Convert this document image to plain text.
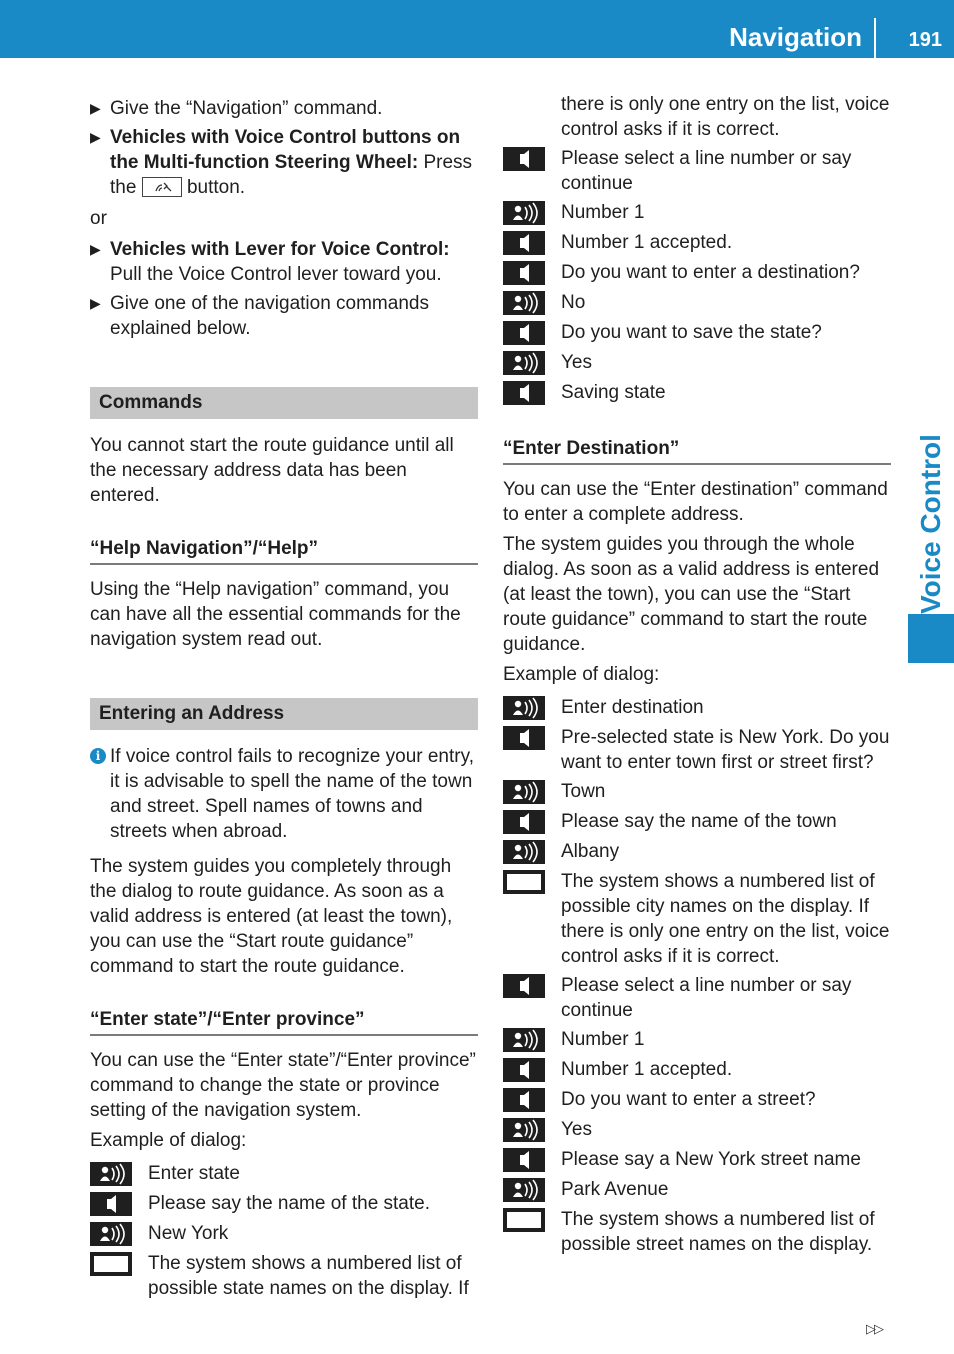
Navigation	191
Voice Control
▶ Give the “Navigation” command.
▶ Vehicles with Voice Control buttons on the Multi-function Steering Wheel: Press the  button.
or
▶ Vehicles with Lever for Voice Control: Pull the Voice Control lever toward you.
▶ Give one of the navigation commands explained below.
Commands

You cannot start the route guidance until all the necessary address data has been entered.

“Help Navigation”/“Help”

Using the “Help navigation” command, you can have all the essential commands for the navigation system read out.

Entering an Address
i If voice control fails to recognize your entry, it is advisable to spell the name of the town and street. Spell names of towns and streets when abroad.

The system guides you completely through the dialog to route guidance. As soon as a valid address is entered (at least the town), you can use the “Start route guidance” command to start the route guidance.

“Enter state”/“Enter province”

You can use the “Enter state”/“Enter province” command to change the state or province setting of the navigation system.

Example of dialog:

Enter state
Please say the name of the state.
New York
The system shows a numbered list of possible state names on the display. If
there is only one entry on the list, voice control asks if it is correct.
Please select a line number or say continue
Number 1
Number 1 accepted.
Do you want to enter a destination?
No
Do you want to save the state?
Yes
Saving state
“Enter Destination”

You can use the “Enter destination” command to enter a complete address.

The system guides you through the whole dialog. As soon as a valid address is entered (at least the town), you can use the “Start route guidance” command to start the route guidance.

Example of dialog:

Enter destination
Pre-selected state is New York. Do you want to enter town first or street first?
Town
Please say the name of the town
Albany
The system shows a numbered list of possible city names on the display. If there is only one entry on the list, voice control asks if it is correct.
Please select a line number or say continue
Number 1
Number 1 accepted.
Do you want to enter a street?
Yes
Please say a New York street name
Park Avenue
The system shows a numbered list of possible street names on the display.
▷▷
